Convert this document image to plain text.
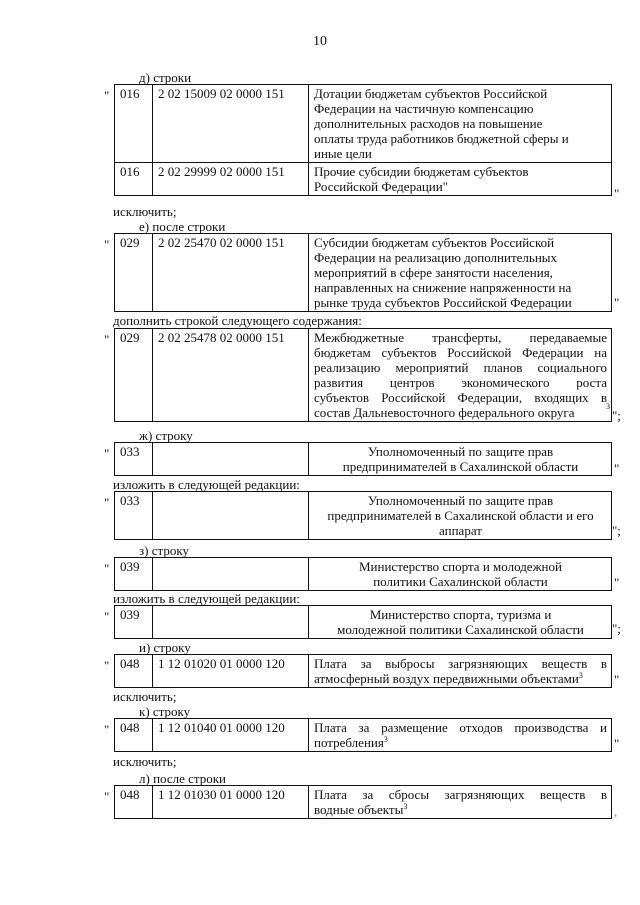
10
д) строки
" 016	2 02 15009 02 0000 151	Дотации бюджетам субъектов Российской
Федерации на частичную компенсацию
дополнительных расходов на повышение
оплаты труда работников бюджетной сферы и
иные цели

016	2 02 29999 02 0000 151	Прочие субсидии бюджетам субъектов
Российской Федерации"	"
исключить;
е) после строки
" 029	2 02 25470 02 0000 151	Субсидии бюджетам субъектов Российской
Федерации на реализацию дополнительных
мероприятий в сфере занятости населения,
направленных на снижение напряженности на
рынке труда субъектов Российской Федерации	"
дополнить строкой следующего содержания:
" 029	2 02 25478 02 0000 151	Межбюджетные трансферты, передаваемые
бюджетам субъектов Российской Федерации на
реализацию мероприятий планов социального
развития центров экономического роста
субъектов Российской Федерации, входящих в
состав Дальневосточного федерального округа	";
3
ж) строку
" 033		Уполномоченный по защите прав
предпринимателей в Сахалинской области	"
изложить в следующей редакции:
" 033		Уполномоченный по защите прав
предпринимателей в Сахалинской области и его
аппарат	";
з) строку
" 039		Министерство спорта и молодежной
политики Сахалинской области	"
изложить в следующей редакции:
" 039		Министерство спорта, туризма и
молодежной политики Сахалинской области	";
и) строку
" 048	1 12 01020 01 0000 120	Плата за выбросы загрязняющих веществ в
атмосферный воздух передвижными объектами$^3$	"
исключить;
к) строку
" 048	1 12 01040 01 0000 120	Плата за размещение отходов производства и
потребления$^3$	"
исключить;
л) после строки
" 048	1 12 01030 01 0000 120	Плата за сбросы загрязняющих веществ в
водные объекты$^3$	,
